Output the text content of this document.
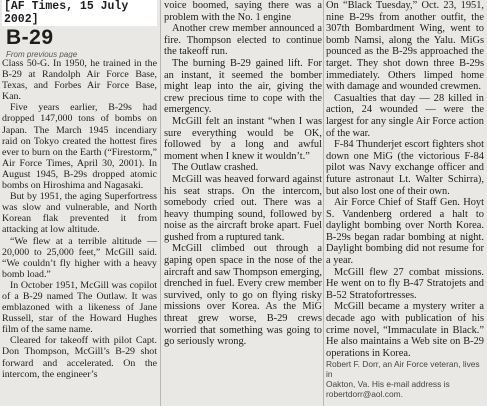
[AF Times, 15 July 2002]

B-29
From previous page

Class 50-G. In 1950, he trained in the B-29 at Randolph Air Force Base, Texas, and Forbes Air Force Base, Kan.

Five years earlier, B-29s had dropped 147,000 tons of bombs on Japan. The March 1945 incendiary raid on Tokyo created the hottest fires ever to burn on the Earth (“Firestorm,” Air Force Times, April 30, 2001). In August 1945, B-29s dropped atomic bombs on Hiroshima and Nagasaki.

But by 1951, the aging Superfortress was slow and vulnerable, and North Korean flak prevented it from attacking at low altitude.

“We flew at a terrible altitude — 20,000 to 25,000 feet,” McGill said. “We couldn’t fly higher with a heavy bomb load.”

In October 1951, McGill was copilot of a B-29 named The Outlaw. It was emblazoned with a likeness of Jane Russell, star of the Howard Hughes film of the same name.

Cleared for takeoff with pilot Capt. Don Thompson, McGill’s B-29 shot forward and accelerated. On the intercom, the engineer’s

voice boomed, saying there was a problem with the No. 1 engine

Another crew member announced a fire. Thompson elected to continue the takeoff run.

The burning B-29 gained lift. For an instant, it seemed the bomber might leap into the air, giving the crew precious time to cope with the emergency.

McGill felt an instant “when I was sure everything would be OK, followed by a long and awful moment when I knew it wouldn’t.”

The Outlaw crashed.

McGill was heaved forward against his seat straps. On the intercom, somebody cried out. There was a heavy thumping sound, followed by noise as the aircraft broke apart. Fuel gushed from a ruptured tank.

McGill climbed out through a gaping open space in the nose of the aircraft and saw Thompson emerging, drenched in fuel. Every crew member survived, only to go on flying risky missions over Korea. As the MiG threat grew worse, B-29 crews worried that something was going to go seriously wrong.

On “Black Tuesday,” Oct. 23, 1951, nine B-29s from another outfit, the 307th Bombardment Wing, went to bomb Namsi, along the Yalu. MiGs pounced as the B-29s approached the target. They shot down three B-29s immediately. Others limped home with damage and wounded crewmen.

Casualties that day — 28 killed in action, 24 wounded — were the largest for any single Air Force action of the war.

F-84 Thunderjet escort fighters shot down one MiG (the victorious F-84 pilot was Navy exchange officer and future astronaut Lt. Walter Schirra), but also lost one of their own.

Air Force Chief of Staff Gen. Hoyt S. Vandenberg ordered a halt to daylight bombing over North Korea. B-29s began radar bombing at night. Daylight bombing did not resume for a year.

McGill flew 27 combat missions. He went on to fly B-47 Stratojets and B-52 Stratofortresses.

McGill became a mystery writer a decade ago with publication of his crime novel, “Immaculate in Black.” He also maintains a Web site on B-29 operations in Korea.

Robert F. Dorr, an Air Force veteran, lives in

Oakton, Va. His e-mail address is

robertdorr@aol.com.
